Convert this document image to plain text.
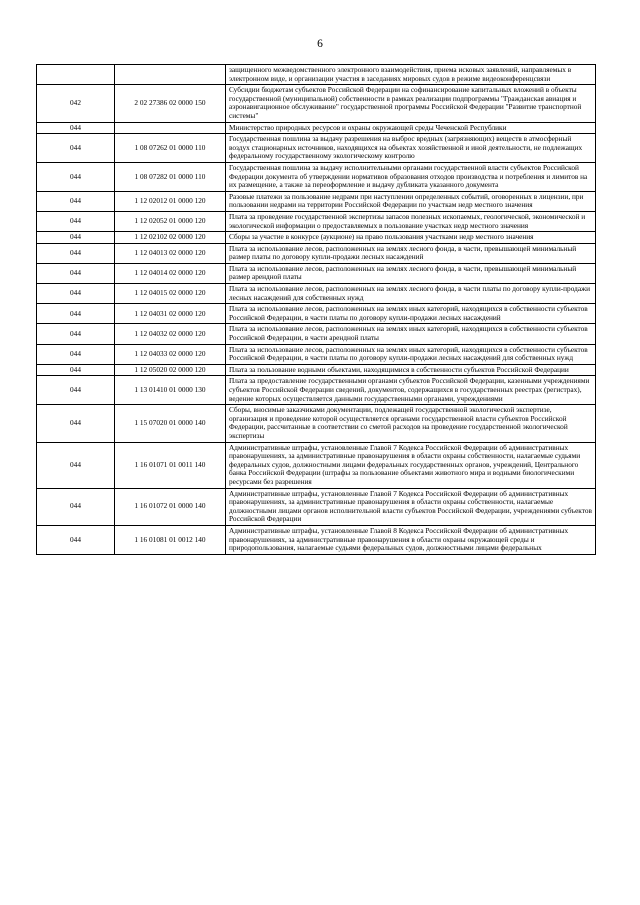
6
		защищенного межведомственного электронного взаимодействия, приема исковых заявлений, направляемых в электронном виде, и организации участия в заседаниях мировых судов в режиме видеоконференцсвязи
042	2 02 27386 02 0000 150	Субсидии бюджетам субъектов Российской Федерации на софинансирование капитальных вложений в объекты государственной (муниципальной) собственности в рамках реализации подпрограммы "Гражданская авиация и аэронавигационное обслуживание" государственной программы Российской Федерации "Развитие транспортной системы"
044		Министерство природных ресурсов и охраны окружающей среды Чеченской Республики
044	1 08 07262 01 0000 110	Государственная пошлина за выдачу разрешения на выброс вредных (загрязняющих) веществ в атмосферный воздух стационарных источников, находящихся на объектах хозяйственной и иной деятельности, не подлежащих федеральному государственному экологическому контролю
044	1 08 07282 01 0000 110	Государственная пошлина за выдачу исполнительными органами государственной власти субъектов Российской Федерации документа об утверждении нормативов образования отходов производства и потребления и лимитов на их размещение, а также за переоформление и выдачу дубликата указанного документа
044	1 12 02012 01 0000 120	Разовые платежи за пользование недрами при наступлении определенных событий, оговоренных в лицензии, при пользовании недрами на территории Российской Федерации по участкам недр местного значения
044	1 12 02052 01 0000 120	Плата за проведение государственной экспертизы запасов полезных ископаемых, геологической, экономической и экологической информации о предоставляемых в пользование участках недр местного значения
044	1 12 02102 02 0000 120	Сборы за участие в конкурсе (аукционе) на право пользования участками недр местного значения
044	1 12 04013 02 0000 120	Плата за использование лесов, расположенных на землях лесного фонда, в части, превышающей минимальный размер платы по договору купли-продажи лесных насаждений
044	1 12 04014 02 0000 120	Плата за использование лесов, расположенных на землях лесного фонда, в части, превышающей минимальный размер арендной платы
044	1 12 04015 02 0000 120	Плата за использование лесов, расположенных на землях лесного фонда, в части платы по договору купли-продажи лесных насаждений для собственных нужд
044	1 12 04031 02 0000 120	Плата за использование лесов, расположенных на землях иных категорий, находящихся в собственности субъектов Российской Федерации, в части платы по договору купли-продажи лесных насаждений
044	1 12 04032 02 0000 120	Плата за использование лесов, расположенных на землях иных категорий, находящихся в собственности субъектов Российской Федерации, в части арендной платы
044	1 12 04033 02 0000 120	Плата за использование лесов, расположенных на землях иных категорий, находящихся в собственности субъектов Российской Федерации, в части платы по договору купли-продажи лесных насаждений для собственных нужд
044	1 12 05020 02 0000 120	Плата за пользование водными объектами, находящимися в собственности субъектов Российской Федерации
044	1 13 01410 01 0000 130	Плата за предоставление государственными органами субъектов Российской Федерации, казенными учреждениями субъектов Российской Федерации сведений, документов, содержащихся в государственных реестрах (регистрах), ведение которых осуществляется данными государственными органами, учреждениями
044	1 15 07020 01 0000 140	Сборы, вносимые заказчиками документации, подлежащей государственной экологической экспертизе, организация и проведение которой осуществляется органами государственной власти субъектов Российской Федерации, рассчитанные в соответствии со сметой расходов на проведение государственной экологической экспертизы
044	1 16 01071 01 0011 140	Административные штрафы, установленные Главой 7 Кодекса Российской Федерации об административных правонарушениях, за административные правонарушения в области охраны собственности, налагаемые судьями федеральных судов, должностными лицами федеральных государственных органов, учреждений, Центрального банка Российской Федерации (штрафы за пользование объектами животного мира и водными биологическими ресурсами без разрешения
044	1 16 01072 01 0000 140	Административные штрафы, установленные Главой 7 Кодекса Российской Федерации об административных правонарушениях, за административные правонарушения в области охраны собственности, налагаемые должностными лицами органов исполнительной власти субъектов Российской Федерации, учреждениями субъектов Российской Федерации
044	1 16 01081 01 0012 140	Административные штрафы, установленные Главой 8 Кодекса Российской Федерации об административных правонарушениях, за административные правонарушения в области охраны окружающей среды и природопользования, налагаемые судьями федеральных судов, должностными лицами федеральных
